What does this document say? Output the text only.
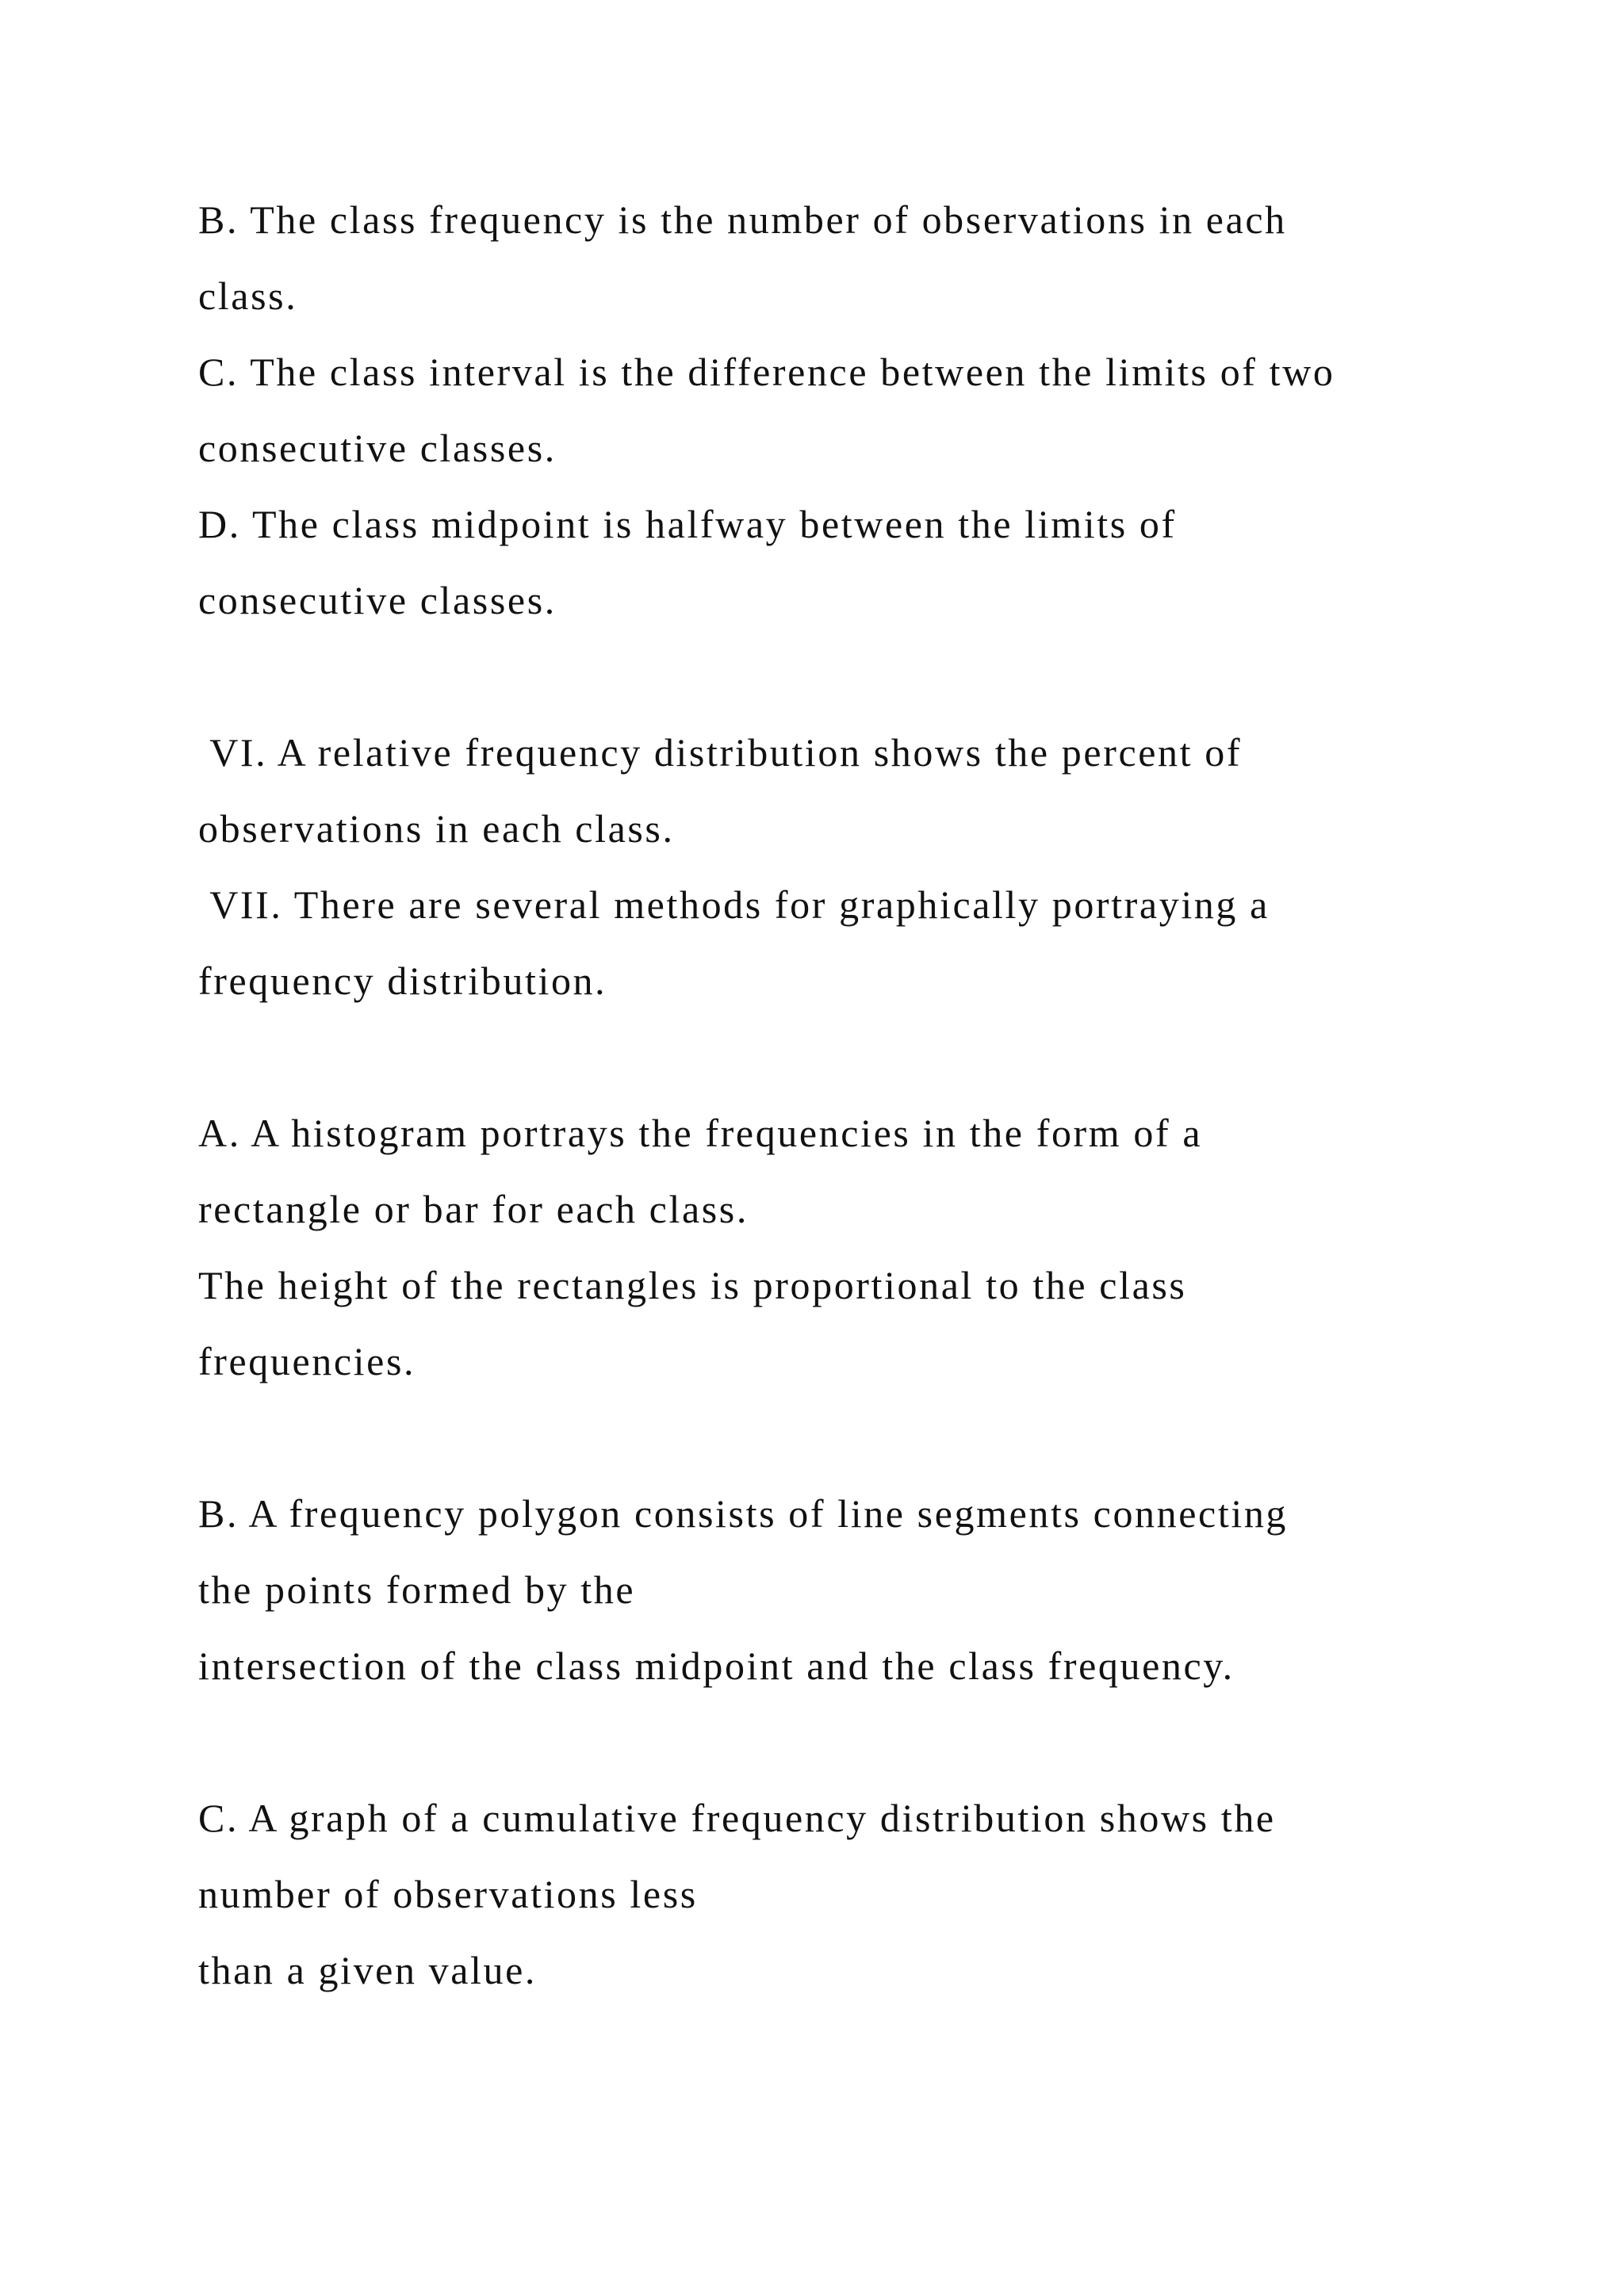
B. The class frequency is the number of observations in each

class.

C. The class interval is the difference between the limits of two

consecutive classes.

D. The class midpoint is halfway between the limits of

consecutive classes.

VI. A relative frequency distribution shows the percent of

observations in each class.

VII. There are several methods for graphically portraying a

frequency distribution.

A. A histogram portrays the frequencies in the form of a

rectangle or bar for each class.

The height of the rectangles is proportional to the class

frequencies.

B. A frequency polygon consists of line segments connecting

the points formed by the

intersection of the class midpoint and the class frequency.

C. A graph of a cumulative frequency distribution shows the

number of observations less

than a given value.
